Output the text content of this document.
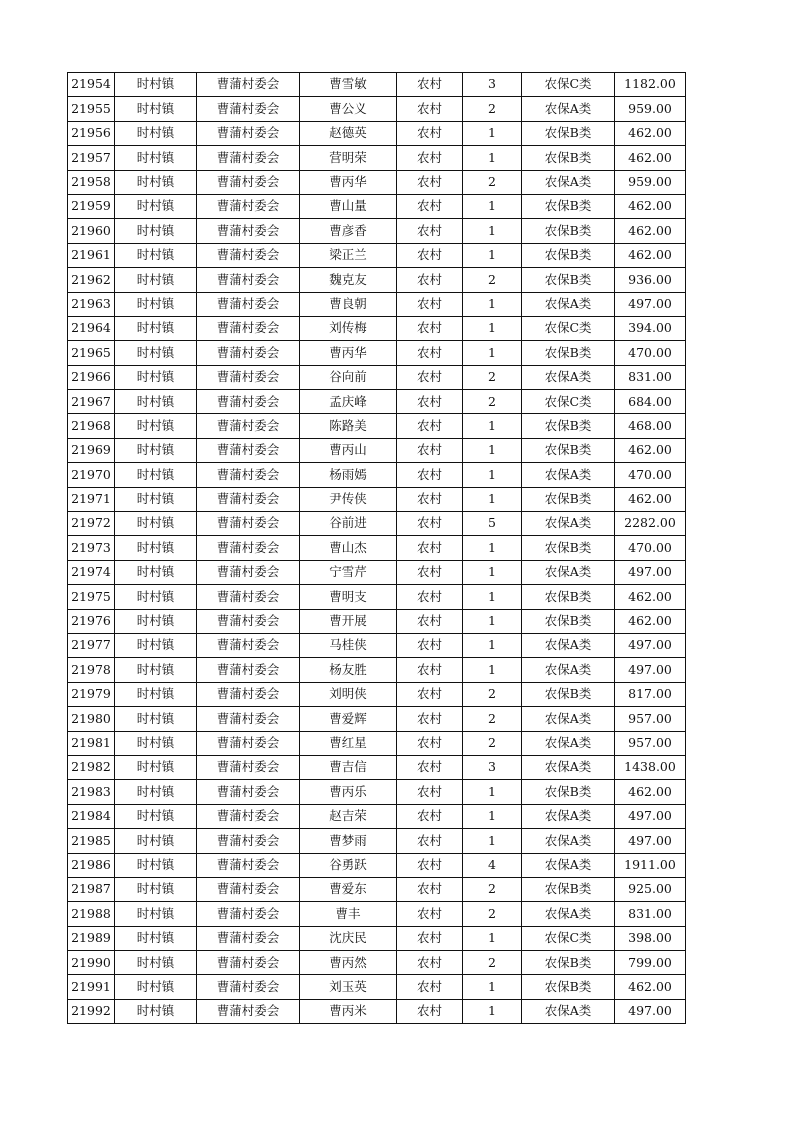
21954	时村镇	曹蒲村委会	曹雪敏	农村	3	农保C类	1182.00
21955	时村镇	曹蒲村委会	曹公义	农村	2	农保A类	959.00
21956	时村镇	曹蒲村委会	赵德英	农村	1	农保B类	462.00
21957	时村镇	曹蒲村委会	营明荣	农村	1	农保B类	462.00
21958	时村镇	曹蒲村委会	曹丙华	农村	2	农保A类	959.00
21959	时村镇	曹蒲村委会	曹山量	农村	1	农保B类	462.00
21960	时村镇	曹蒲村委会	曹彦香	农村	1	农保B类	462.00
21961	时村镇	曹蒲村委会	梁正兰	农村	1	农保B类	462.00
21962	时村镇	曹蒲村委会	魏克友	农村	2	农保B类	936.00
21963	时村镇	曹蒲村委会	曹良朝	农村	1	农保A类	497.00
21964	时村镇	曹蒲村委会	刘传梅	农村	1	农保C类	394.00
21965	时村镇	曹蒲村委会	曹丙华	农村	1	农保B类	470.00
21966	时村镇	曹蒲村委会	谷向前	农村	2	农保A类	831.00
21967	时村镇	曹蒲村委会	孟庆峰	农村	2	农保C类	684.00
21968	时村镇	曹蒲村委会	陈路美	农村	1	农保B类	468.00
21969	时村镇	曹蒲村委会	曹丙山	农村	1	农保B类	462.00
21970	时村镇	曹蒲村委会	杨雨嫣	农村	1	农保A类	470.00
21971	时村镇	曹蒲村委会	尹传侠	农村	1	农保B类	462.00
21972	时村镇	曹蒲村委会	谷前进	农村	5	农保A类	2282.00
21973	时村镇	曹蒲村委会	曹山杰	农村	1	农保B类	470.00
21974	时村镇	曹蒲村委会	宁雪芹	农村	1	农保A类	497.00
21975	时村镇	曹蒲村委会	曹明支	农村	1	农保B类	462.00
21976	时村镇	曹蒲村委会	曹开展	农村	1	农保B类	462.00
21977	时村镇	曹蒲村委会	马桂侠	农村	1	农保A类	497.00
21978	时村镇	曹蒲村委会	杨友胜	农村	1	农保A类	497.00
21979	时村镇	曹蒲村委会	刘明侠	农村	2	农保B类	817.00
21980	时村镇	曹蒲村委会	曹爱辉	农村	2	农保A类	957.00
21981	时村镇	曹蒲村委会	曹红星	农村	2	农保A类	957.00
21982	时村镇	曹蒲村委会	曹吉信	农村	3	农保A类	1438.00
21983	时村镇	曹蒲村委会	曹丙乐	农村	1	农保B类	462.00
21984	时村镇	曹蒲村委会	赵吉荣	农村	1	农保A类	497.00
21985	时村镇	曹蒲村委会	曹梦雨	农村	1	农保A类	497.00
21986	时村镇	曹蒲村委会	谷勇跃	农村	4	农保A类	1911.00
21987	时村镇	曹蒲村委会	曹爱东	农村	2	农保B类	925.00
21988	时村镇	曹蒲村委会	曹丰	农村	2	农保A类	831.00
21989	时村镇	曹蒲村委会	沈庆民	农村	1	农保C类	398.00
21990	时村镇	曹蒲村委会	曹丙然	农村	2	农保B类	799.00
21991	时村镇	曹蒲村委会	刘玉英	农村	1	农保B类	462.00
21992	时村镇	曹蒲村委会	曹丙米	农村	1	农保A类	497.00
